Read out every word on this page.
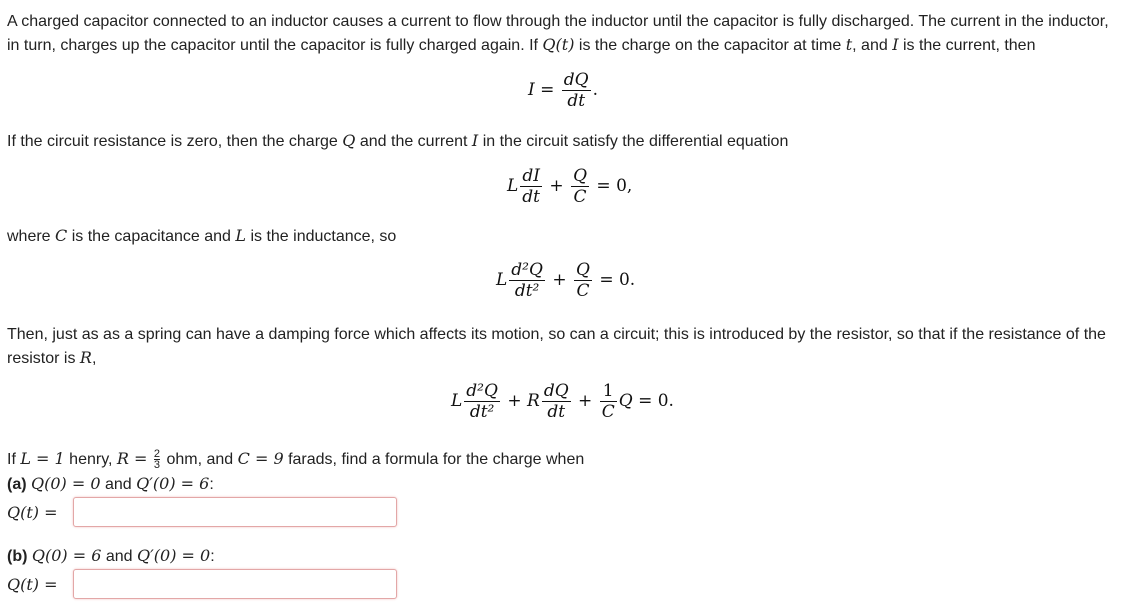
A charged capacitor connected to an inductor causes a current to flow through the inductor until the capacitor is fully discharged. The current in the inductor, in turn, charges up the capacitor until the capacitor is fully charged again. If Q(t) is the charge on the capacitor at time t, and I is the current, then
$I = \frac{dQ}{dt}$ .
If the circuit resistance is zero, then the charge Q and the current I in the circuit satisfy the differential equation
L $\frac{dI}{dt} + \frac{Q}{C} = 0$,
where C is the capacitance and L is the inductance, so
L $\frac{\text{d²Q}}{\text{dt²}} + \frac{Q}{C} = 0$.
Then, just as as a spring can have a damping force which affects its motion, so can a circuit; this is introduced by the resistor, so that if the resistance of the resistor is R,
L $\frac{\text{d²Q}}{\text{dt²}} + R \frac{dQ}{dt} + \frac{1}{C}$ Q = 0.
If L = 1 henry, $R = \frac{2}{3}$ ohm, and C = 9 farads, find a formula for the charge when
(a) Q(0) = 0 and Q′(0) = 6:
Q(t) =
(b) Q(0) = 6 and Q′(0) = 0:
Q(t) =
